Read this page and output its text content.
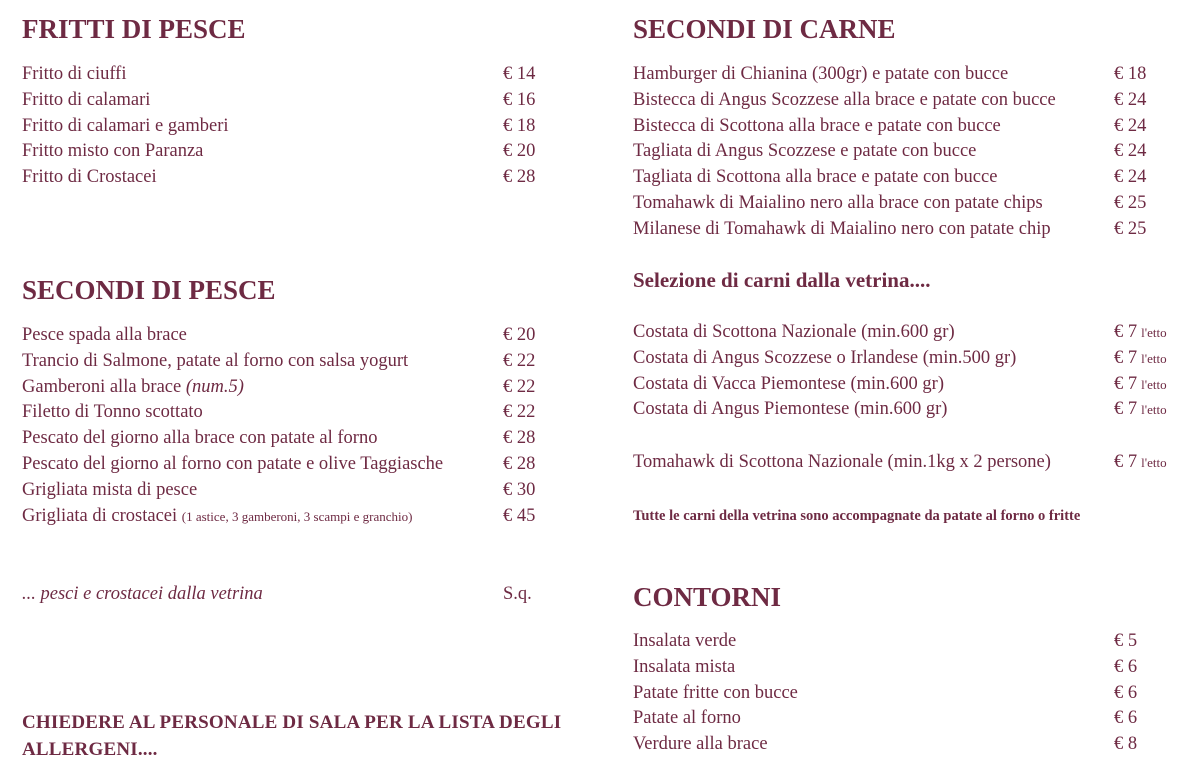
FRITTI DI PESCE
Fritto di ciuffi	€ 14
Fritto di calamari	€ 16
Fritto di calamari e gamberi	€ 18
Fritto misto con Paranza	€ 20
Fritto di Crostacei	€ 28
SECONDI DI PESCE
Pesce spada alla brace	€ 20
Trancio di Salmone, patate al forno con salsa yogurt	€ 22
Gamberoni alla brace (num.5)	€ 22
Filetto di Tonno scottato	€ 22
Pescato del giorno alla brace con patate al forno	€ 28
Pescato del giorno al forno con patate e olive Taggiasche	€ 28
Grigliata mista di pesce	€ 30
Grigliata di crostacei (1 astice, 3 gamberoni, 3 scampi e granchio)	€ 45
... pesci e crostacei dalla vetrina	S.q.
CHIEDERE AL PERSONALE DI SALA PER LA LISTA DEGLI ALLERGENI....
SECONDI DI CARNE
Hamburger di Chianina (300gr) e patate con bucce	€ 18
Bistecca di Angus Scozzese alla brace e patate con bucce	€ 24
Bistecca di Scottona alla brace e patate con bucce	€ 24
Tagliata di Angus Scozzese e patate con bucce	€ 24
Tagliata di Scottona alla brace e patate con bucce	€ 24
Tomahawk di Maialino nero alla brace con patate chips	€ 25
Milanese di Tomahawk di Maialino nero con patate chip	€ 25
Selezione di carni dalla vetrina....
Costata di Scottona Nazionale (min.600 gr)	€ 7 l'etto
Costata di Angus Scozzese o Irlandese (min.500 gr)	€ 7 l'etto
Costata di Vacca Piemontese (min.600 gr)	€ 7 l'etto
Costata di Angus Piemontese (min.600 gr)	€ 7 l'etto
Tomahawk di Scottona Nazionale (min.1kg x 2 persone)	€ 7 l'etto
Tutte le carni della vetrina sono accompagnate da patate al forno o fritte
CONTORNI
Insalata verde	€ 5
Insalata mista	€ 6
Patate fritte con bucce	€ 6
Patate al forno	€ 6
Verdure alla brace	€ 8
